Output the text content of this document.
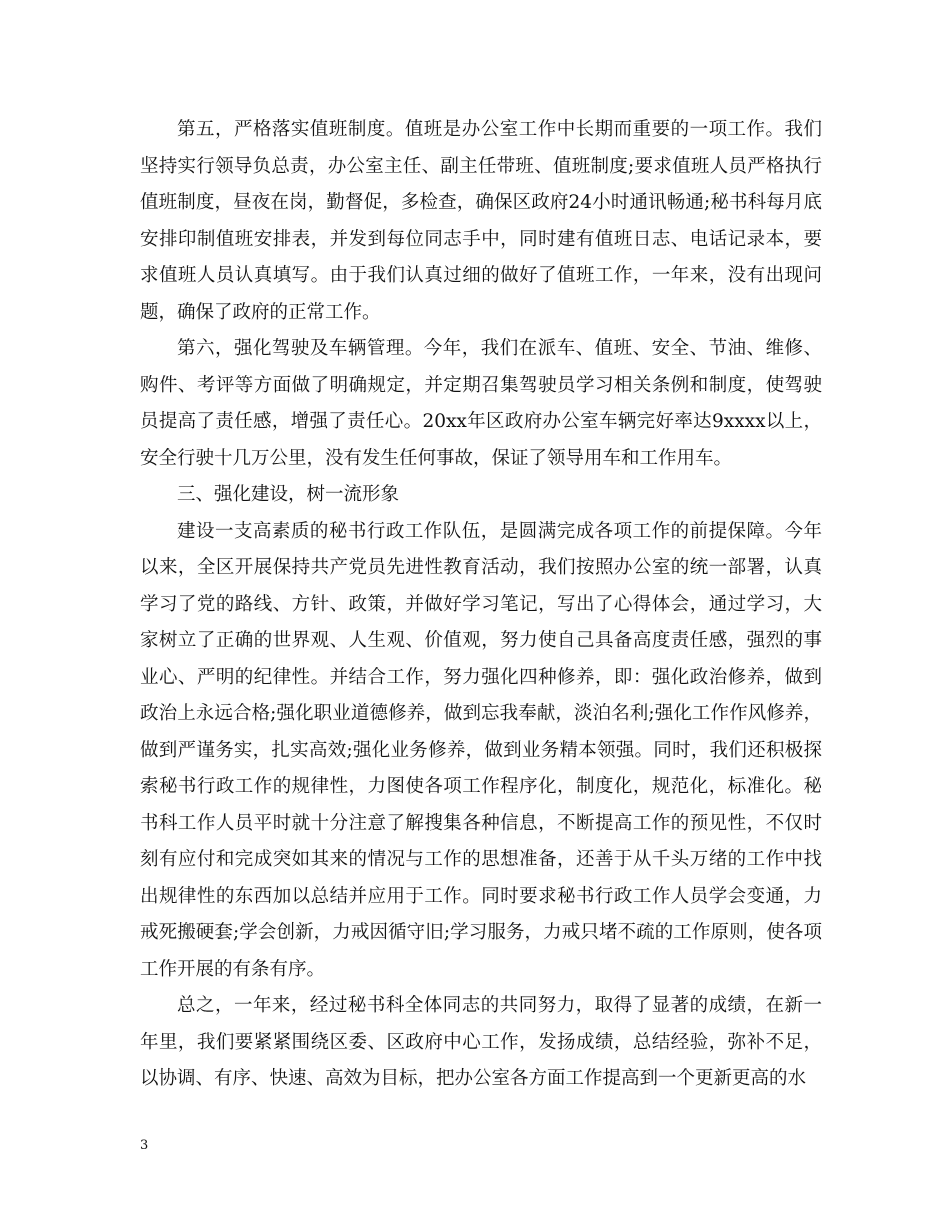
第五，严格落实值班制度。值班是办公室工作中长期而重要的一项工作。我们坚持实行领导负总责，办公室主任、副主任带班、值班制度;要求值班人员严格执行值班制度，昼夜在岗，勤督促，多检查，确保区政府24小时通讯畅通;秘书科每月底安排印制值班安排表，并发到每位同志手中，同时建有值班日志、电话记录本，要求值班人员认真填写。由于我们认真过细的做好了值班工作，一年来，没有出现问题，确保了政府的正常工作。

第六，强化驾驶及车辆管理。今年，我们在派车、值班、安全、节油、维修、购件、考评等方面做了明确规定，并定期召集驾驶员学习相关条例和制度，使驾驶员提高了责任感，增强了责任心。20xx年区政府办公室车辆完好率达9xxxx以上，安全行驶十几万公里，没有发生任何事故，保证了领导用车和工作用车。

三、强化建设，树一流形象

建设一支高素质的秘书行政工作队伍，是圆满完成各项工作的前提保障。今年以来，全区开展保持共产党员先进性教育活动，我们按照办公室的统一部署，认真学习了党的路线、方针、政策，并做好学习笔记，写出了心得体会，通过学习，大家树立了正确的世界观、人生观、价值观，努力使自己具备高度责任感，强烈的事业心、严明的纪律性。并结合工作，努力强化四种修养，即：强化政治修养，做到政治上永远合格;强化职业道德修养，做到忘我奉献，淡泊名利;强化工作作风修养，做到严谨务实，扎实高效;强化业务修养，做到业务精本领强。同时，我们还积极探索秘书行政工作的规律性，力图使各项工作程序化，制度化，规范化，标准化。秘书科工作人员平时就十分注意了解搜集各种信息，不断提高工作的预见性，不仅时刻有应付和完成突如其来的情况与工作的思想准备，还善于从千头万绪的工作中找出规律性的东西加以总结并应用于工作。同时要求秘书行政工作人员学会变通，力戒死搬硬套;学会创新，力戒因循守旧;学习服务，力戒只堵不疏的工作原则，使各项工作开展的有条有序。

总之，一年来，经过秘书科全体同志的共同努力，取得了显著的成绩，在新一年里，我们要紧紧围绕区委、区政府中心工作，发扬成绩，总结经验，弥补不足，以协调、有序、快速、高效为目标，把办公室各方面工作提高到一个更新更高的水

3
